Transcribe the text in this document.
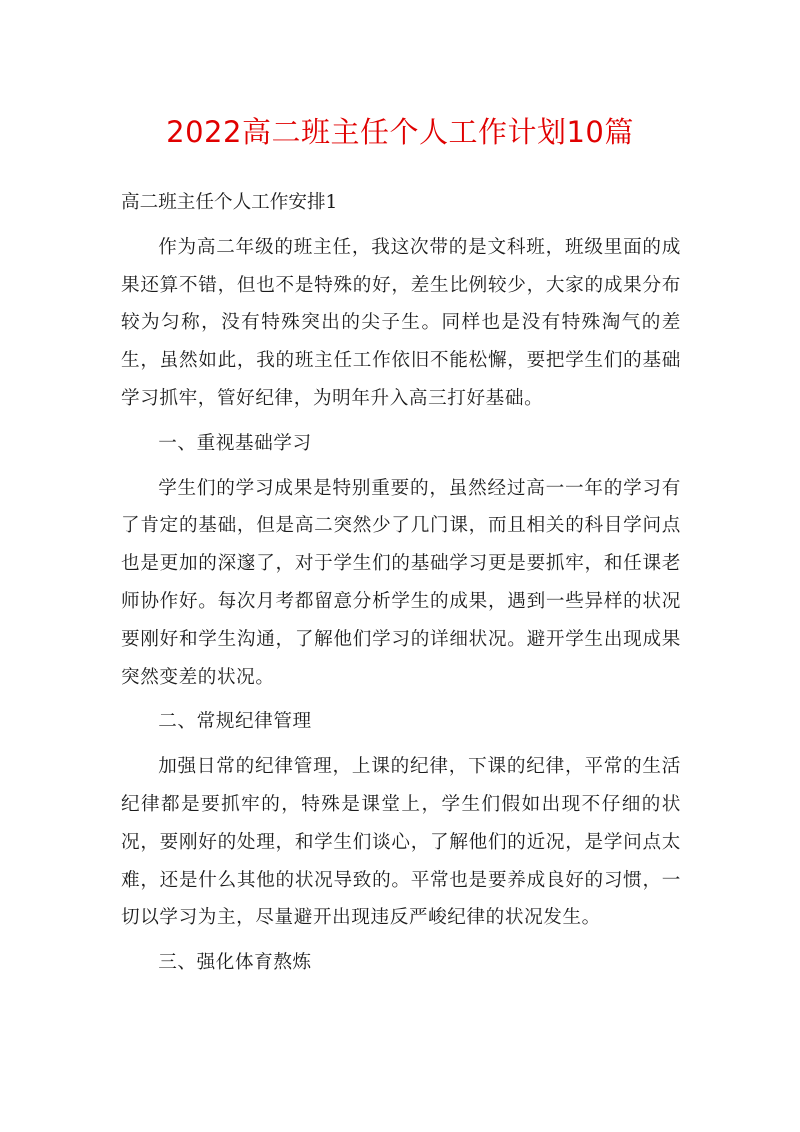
2022高二班主任个人工作计划10篇

高二班主任个人工作安排1

作为高二年级的班主任，我这次带的是文科班，班级里面的成果还算不错，但也不是特殊的好，差生比例较少，大家的成果分布较为匀称，没有特殊突出的尖子生。同样也是没有特殊淘气的差生，虽然如此，我的班主任工作依旧不能松懈，要把学生们的基础学习抓牢，管好纪律，为明年升入高三打好基础。

一、重视基础学习

学生们的学习成果是特别重要的，虽然经过高一一年的学习有了肯定的基础，但是高二突然少了几门课，而且相关的科目学问点也是更加的深邃了，对于学生们的基础学习更是要抓牢，和任课老师协作好。每次月考都留意分析学生的成果，遇到一些异样的状况要刚好和学生沟通，了解他们学习的详细状况。避开学生出现成果突然变差的状况。

二、常规纪律管理

加强日常的纪律管理，上课的纪律，下课的纪律，平常的生活纪律都是要抓牢的，特殊是课堂上，学生们假如出现不仔细的状况，要刚好的处理，和学生们谈心，了解他们的近况，是学问点太难，还是什么其他的状况导致的。平常也是要养成良好的习惯，一切以学习为主，尽量避开出现违反严峻纪律的状况发生。

三、强化体育熬炼
